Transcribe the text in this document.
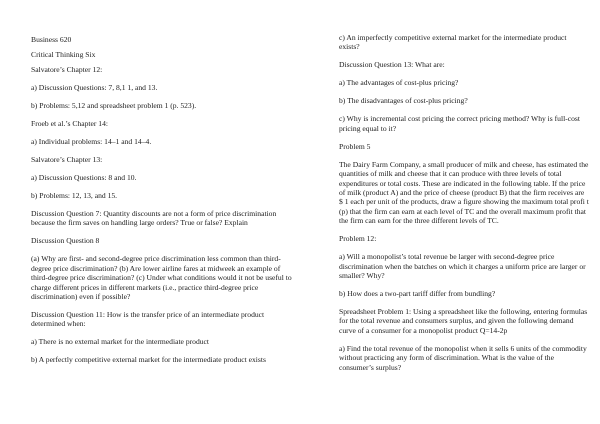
Business 620

Critical Thinking Six

Salvatore’s Chapter 12:

a) Discussion Questions: 7, 8,1 1, and 13.

b) Problems: 5,12 and spreadsheet problem 1 (p. 523).

Froeb et al.’s Chapter 14:

a) Individual problems: 14–1 and 14–4.

Salvatore’s Chapter 13:

a) Discussion Questions: 8 and 10.

b) Problems: 12, 13, and 15.

Discussion Question 7: Quantity discounts are not a form of price discrimination because the firm saves on handling large orders? True or false? Explain

Discussion Question 8

(a) Why are first- and second-degree price discrimination less common than third-degree price discrimination? (b) Are lower airline fares at midweek an example of third-degree price discrimination? (c) Under what conditions would it not be useful to charge different prices in different markets (i.e., practice third-degree price discrimination) even if possible?

Discussion Question 11: How is the transfer price of an intermediate product determined when:

a) There is no external market for the intermediate product

b) A perfectly competitive external market for the intermediate product exists

c) An imperfectly competitive external market for the intermediate product exists?

Discussion Question 13: What are:

a) The advantages of cost-plus pricing?

b) The disadvantages of cost-plus pricing?

c) Why is incremental cost pricing the correct pricing method? Why is full-cost pricing equal to it?

Problem 5

The Dairy Farm Company, a small producer of milk and cheese, has estimated the quantities of milk and cheese that it can produce with three levels of total expenditures or total costs. These are indicated in the following table. If the price of milk (product A) and the price of cheese (product B) that the firm receives are $ 1 each per unit of the products, draw a figure showing the maximum total profi t (p) that the firm can earn at each level of TC and the overall maximum profit that the firm can earn for the three different levels of TC.

Problem 12:

a) Will a monopolist’s total revenue be larger with second-degree price discrimination when the batches on which it charges a uniform price are larger or smaller? Why?

b) How does a two-part tariff differ from bundling?

Spreadsheet Problem 1: Using a spreadsheet like the following, entering formulas for the total revenue and consumers surplus, and given the following demand curve of a consumer for a monopolist product Q=14-2p

a) Find the total revenue of the monopolist when it sells 6 units of the commodity without practicing any form of discrimination. What is the value of the consumer’s surplus?
